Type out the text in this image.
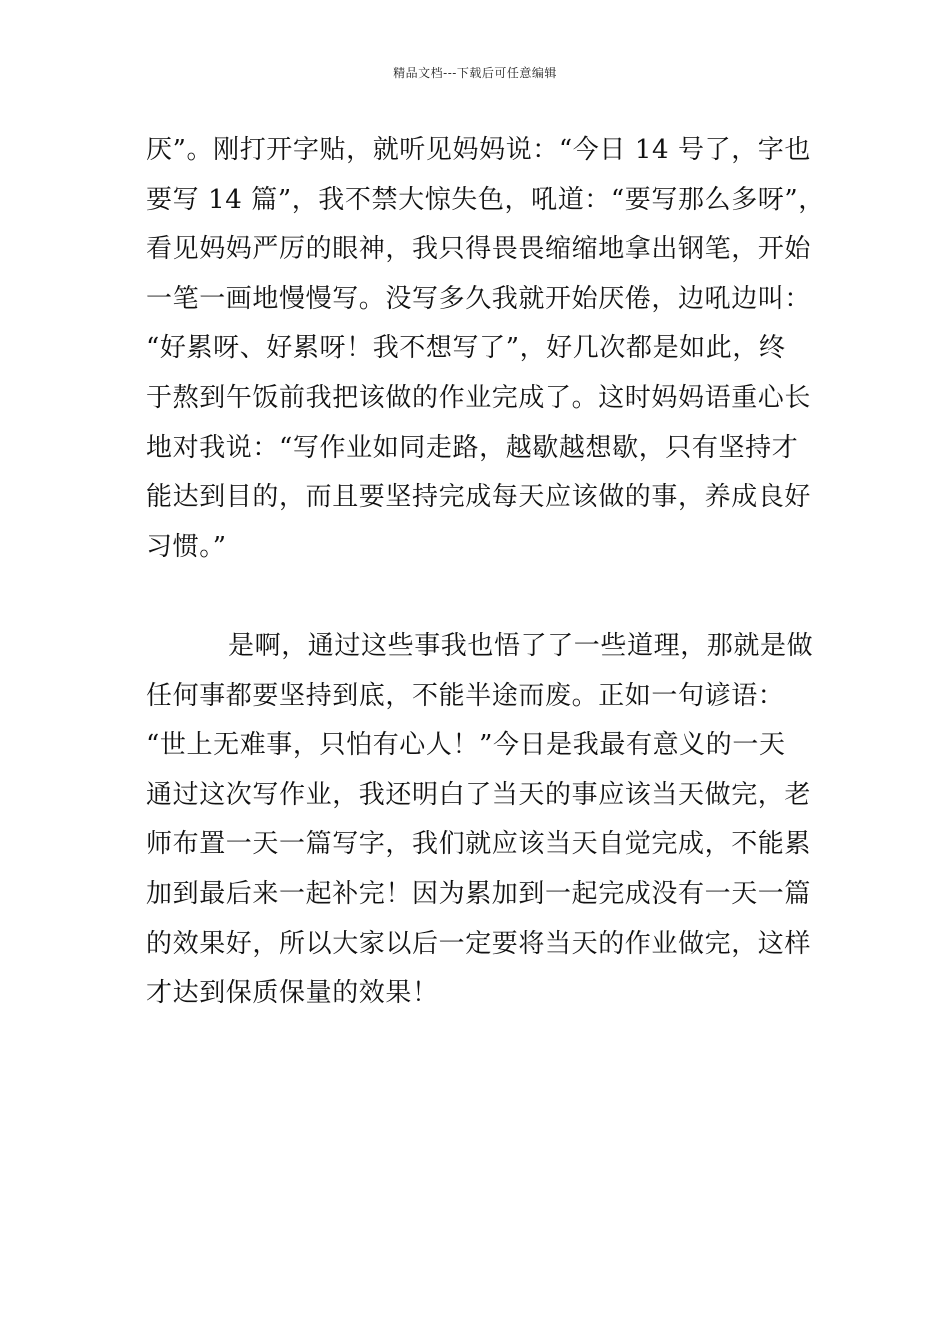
精品文档---下载后可任意编辑
厌”。刚打开字贴，就听见妈妈说：“今日 14 号了，字也
要写 14 篇”，我不禁大惊失色，吼道：“要写那么多呀”，
看见妈妈严厉的眼神，我只得畏畏缩缩地拿出钢笔，开始
一笔一画地慢慢写。没写多久我就开始厌倦，边吼边叫：
“好累呀、好累呀！我不想写了”，好几次都是如此，终
于熬到午饭前我把该做的作业完成了。这时妈妈语重心长
地对我说：“写作业如同走路，越歇越想歇，只有坚持才
能达到目的，而且要坚持完成每天应该做的事，养成良好
习惯。”
是啊，通过这些事我也悟了了一些道理，那就是做
任何事都要坚持到底，不能半途而废。正如一句谚语：
“世上无难事，只怕有心人！”今日是我最有意义的一天
通过这次写作业，我还明白了当天的事应该当天做完，老
师布置一天一篇写字，我们就应该当天自觉完成，不能累
加到最后来一起补完！因为累加到一起完成没有一天一篇
的效果好，所以大家以后一定要将当天的作业做完，这样
才达到保质保量的效果！
